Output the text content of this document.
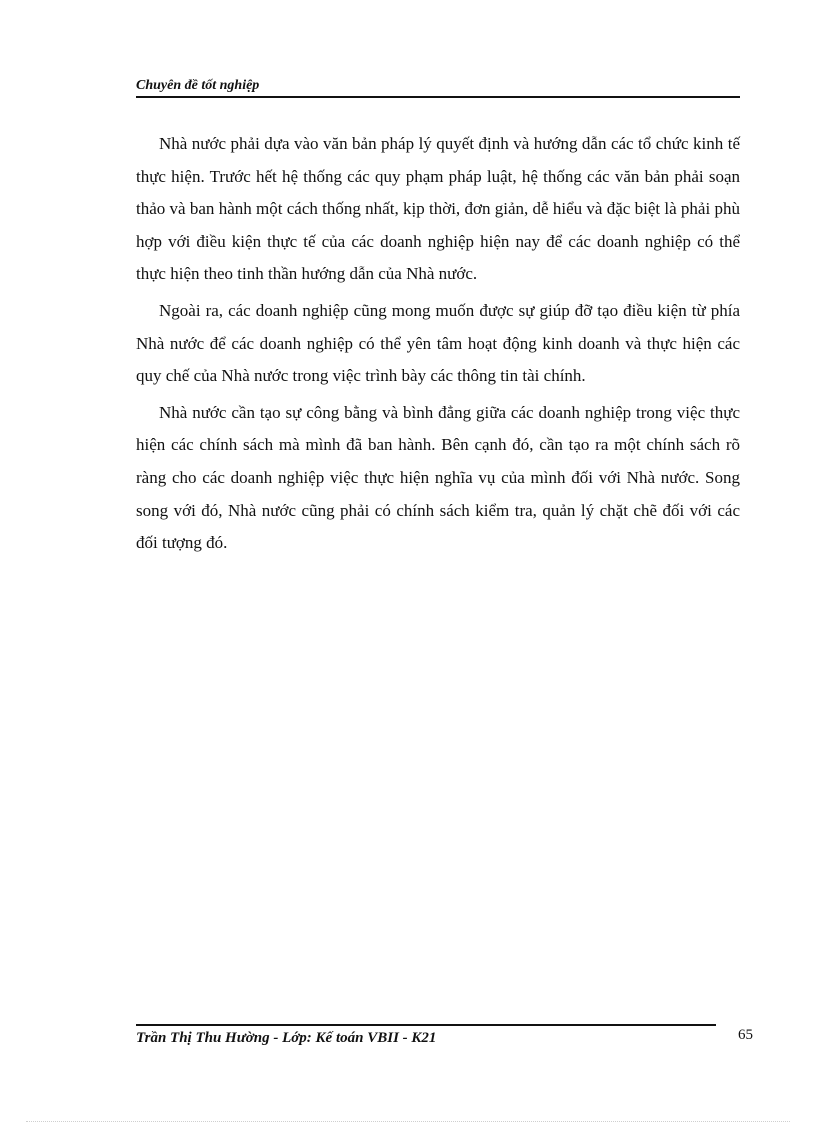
Chuyên đề tốt nghiệp

Nhà nước phải dựa vào văn bản pháp lý quyết định và hướng dẫn các tổ chức kinh tế thực hiện. Trước hết hệ thống các quy phạm pháp luật, hệ thống các văn bản phải soạn thảo và ban hành một cách thống nhất, kịp thời, đơn giản, dễ hiểu và đặc biệt là phải phù hợp với điều kiện thực tế của các doanh nghiệp hiện nay để các doanh nghiệp có thể thực hiện theo tinh thần hướng dẫn của Nhà nước.

Ngoài ra, các doanh nghiệp cũng mong muốn được sự giúp đỡ tạo điều kiện từ phía Nhà nước để các doanh nghiệp có thể yên tâm hoạt động kinh doanh và thực hiện các quy chế của Nhà nước trong việc trình bày các thông tin tài chính.

Nhà nước cần tạo sự công bằng và bình đẳng giữa các doanh nghiệp trong việc thực hiện các chính sách mà mình đã ban hành. Bên cạnh đó, cần tạo ra một chính sách rõ ràng cho các doanh nghiệp việc thực hiện nghĩa vụ của mình đối với Nhà nước. Song song với đó, Nhà nước cũng phải có chính sách kiểm tra, quản lý chặt chẽ đối với các đối tượng đó.

Trần Thị Thu Hường - Lớp: Kế toán VBII - K21	65
